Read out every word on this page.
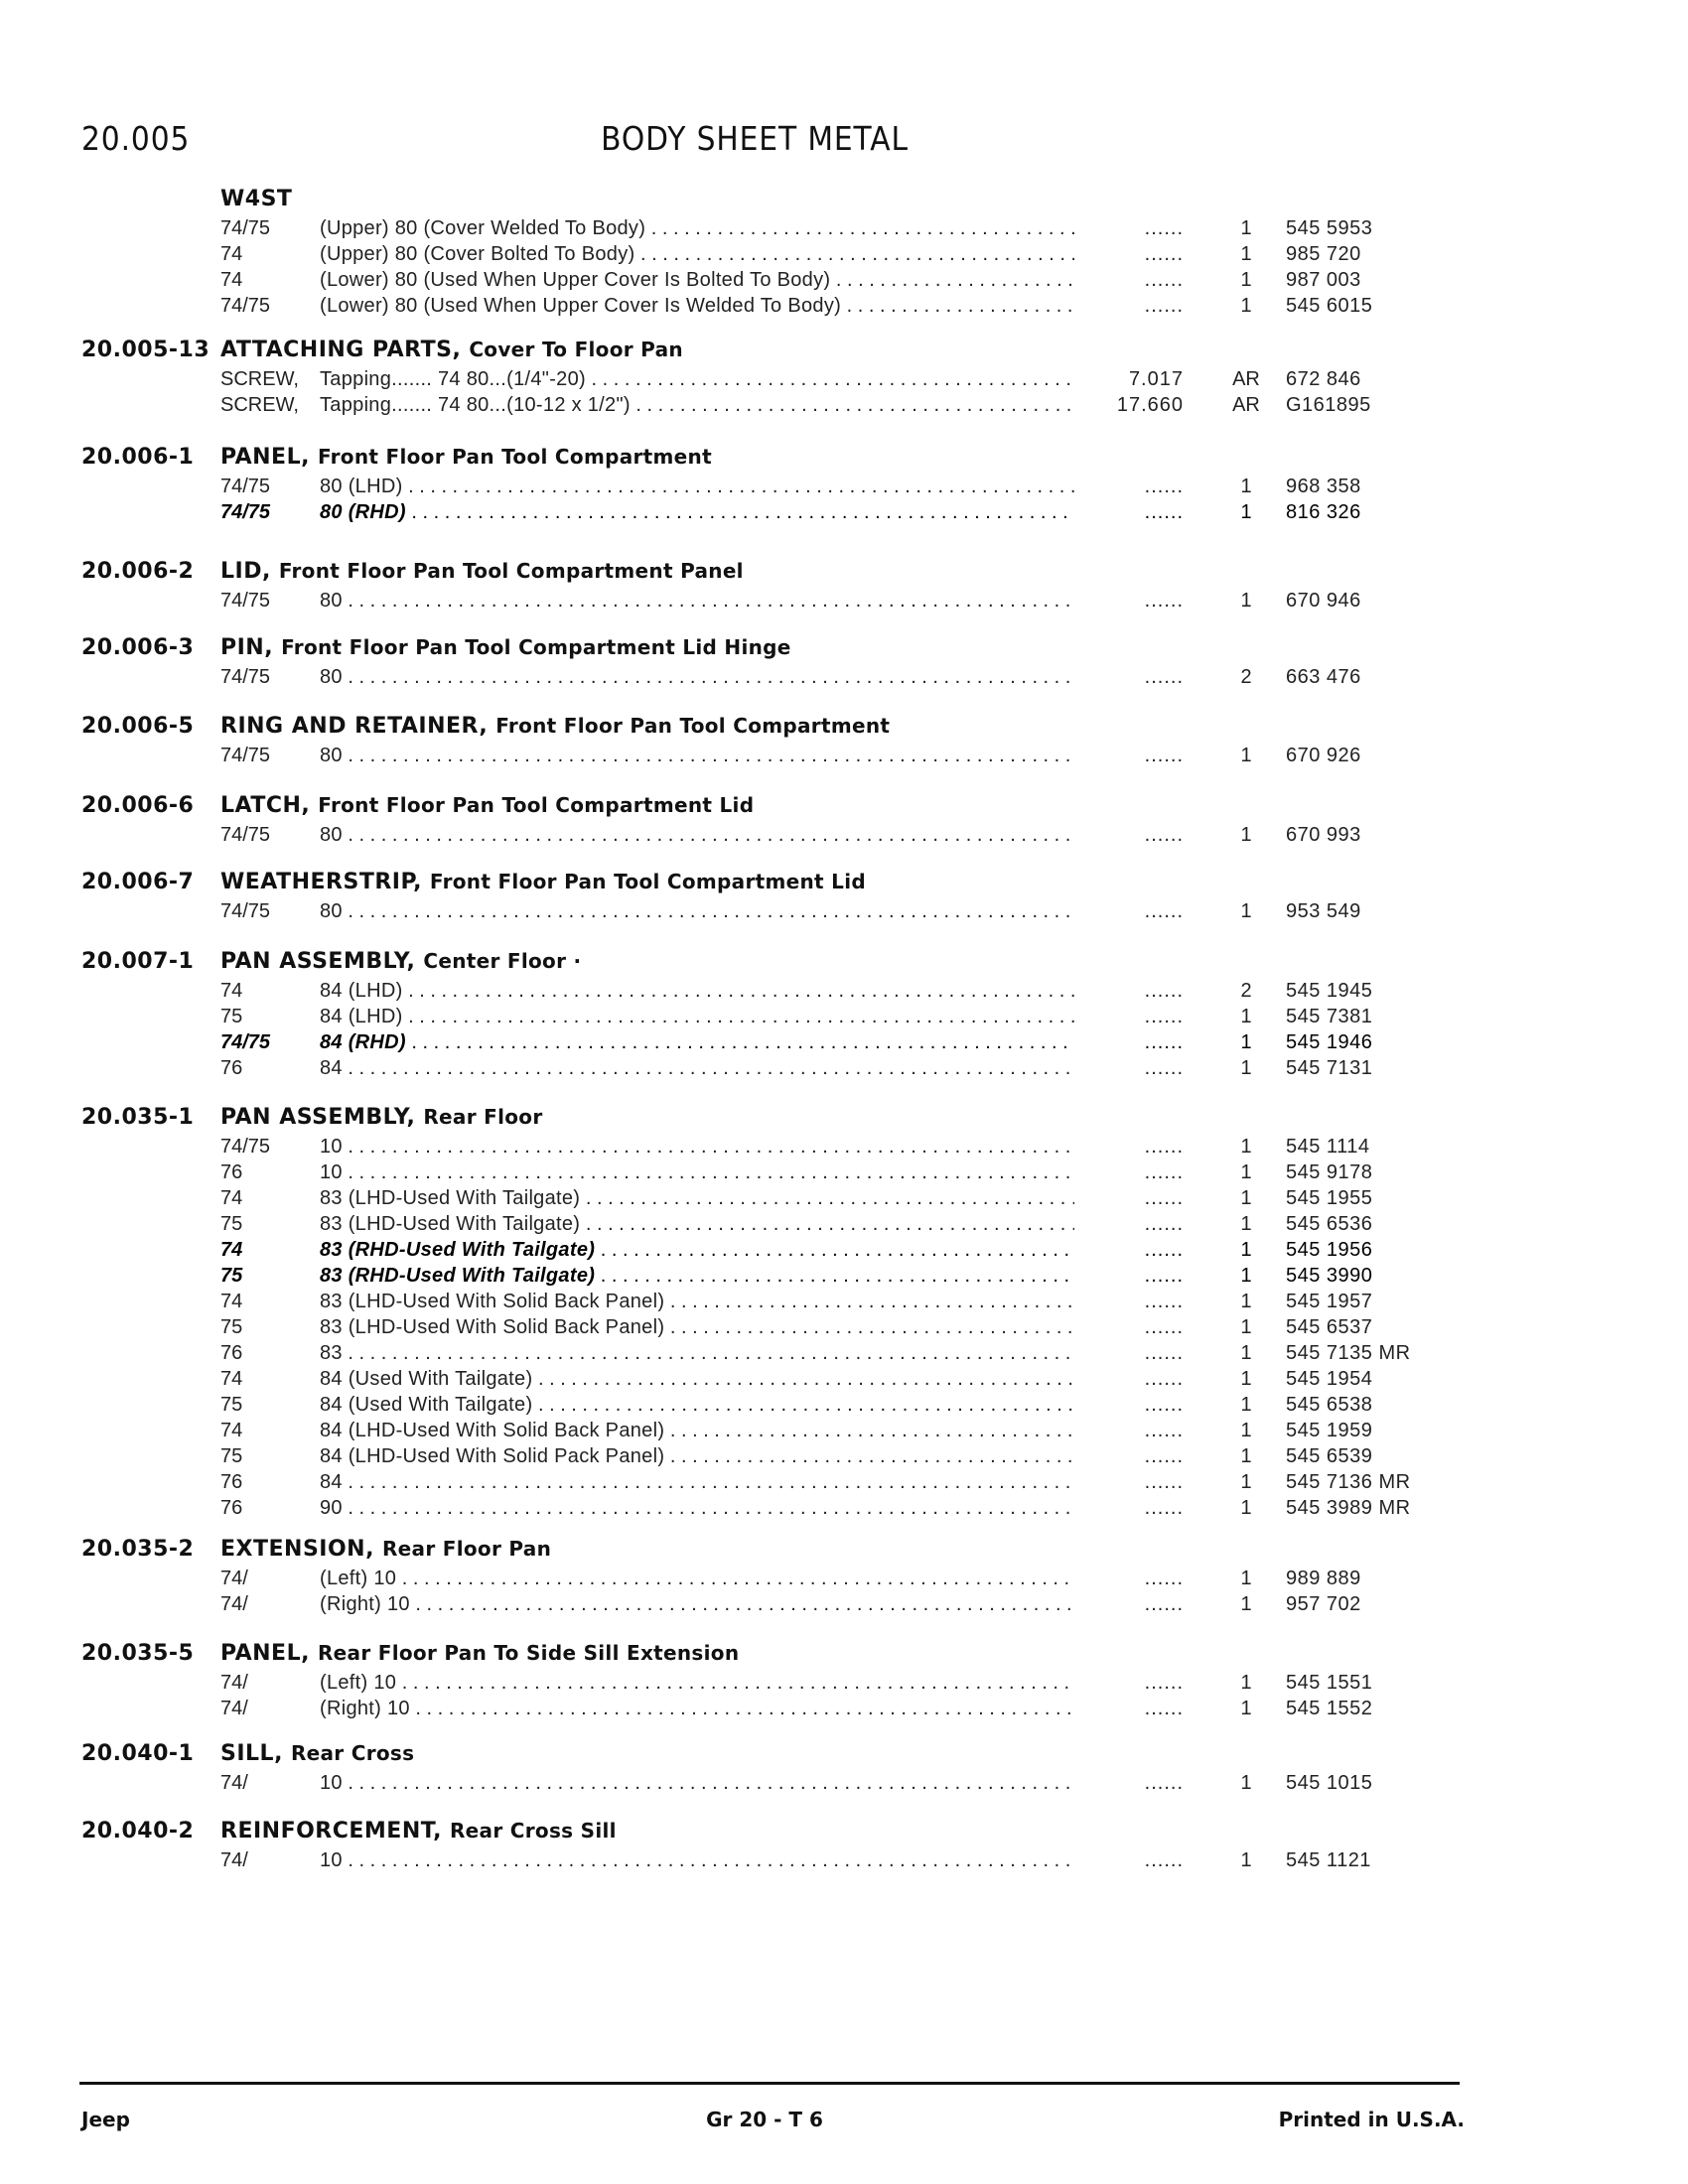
20.005	BODY SHEET METAL
W4ST
74/75 (Upper) 80 (Cover Welded To Body) . . .	......	1	545 5953
74	(Upper) 80 (Cover Bolted To Body) . . .	......	1	985 720
74	(Lower) 80 (Used When Upper Cover Is Bolted To Body) . . .	......	1	987 003
74/75 (Lower) 80 (Used When Upper Cover Is Welded To Body) . . .	......	1	545 6015
20.005-13 ATTACHING PARTS, Cover To Floor Pan
SCREW, Tapping....... 74 80...(1/4"-20) . . .	7.017	AR	672 846
SCREW, Tapping....... 74 80...(10-12 x 1/2") . . .	17.660	AR	G161895
20.006-1 PANEL, Front Floor Pan Tool Compartment
74/75 80 (LHD) . . .	......	1	968 358
74/75 80 (RHD) . . .	......	1	816 326
20.006-2 LID, Front Floor Pan Tool Compartment Panel
74/75 80 . . .	......	1	670 946
20.006-3 PIN, Front Floor Pan Tool Compartment Lid Hinge
74/75 80 . . .	......	2	663 476
20.006-5 RING AND RETAINER, Front Floor Pan Tool Compartment
74/75 80 . . .	......	1	670 926
20.006-6 LATCH, Front Floor Pan Tool Compartment Lid
74/75 80 . . .	......	1	670 993
20.006-7 WEATHERSTRIP, Front Floor Pan Tool Compartment Lid
74/75 80 . . .	......	1	953 549
20.007-1 PAN ASSEMBLY, Center Floor ·
74	84 (LHD) . . .	......	2	545 1945
75	84 (LHD) . . .	......	1	545 7381
74/75 84 (RHD) . . .	......	1	545 1946
76	84 . . .	......	1	545 7131
20.035-1 PAN ASSEMBLY, Rear Floor
74/75 10 . . .	......	1	545 1114
76	10 . . .	......	1	545 9178
74	83 (LHD-Used With Tailgate) . . .	......	1	545 1955
75	83 (LHD-Used With Tailgate) . . .	......	1	545 6536
74	83 (RHD-Used With Tailgate) . . .	......	1	545 1956
75	83 (RHD-Used With Tailgate) . . .	......	1	545 3990
74	83 (LHD-Used With Solid Back Panel) . . .	......	1	545 1957
75	83 (LHD-Used With Solid Back Panel) . . .	......	1	545 6537
76	83 . . .	......	1	545 7135 MR
74	84 (Used With Tailgate) . . .	......	1	545 1954
75	84 (Used With Tailgate) . . .	......	1	545 6538
74	84 (LHD-Used With Solid Back Panel) . . .	......	1	545 1959
75	84 (LHD-Used With Solid Pack Panel) . . .	......	1	545 6539
76	84 . . .	......	1	545 7136 MR
76	90 . . .	......	1	545 3989 MR
20.035-2 EXTENSION, Rear Floor Pan
74/	(Left) 10 . . .	......	1	989 889
74/	(Right) 10 . . .	......	1	957 702
20.035-5 PANEL, Rear Floor Pan To Side Sill Extension
74/	(Left) 10 . . .	......	1	545 1551
74/	(Right) 10 . . .	......	1	545 1552
20.040-1 SILL, Rear Cross
74/	10 . . .	......	1	545 1015
20.040-2 REINFORCEMENT, Rear Cross Sill
74/	10 . . .	......	1	545 1121
Jeep	Gr 20 - T 6	Printed in U.S.A.
